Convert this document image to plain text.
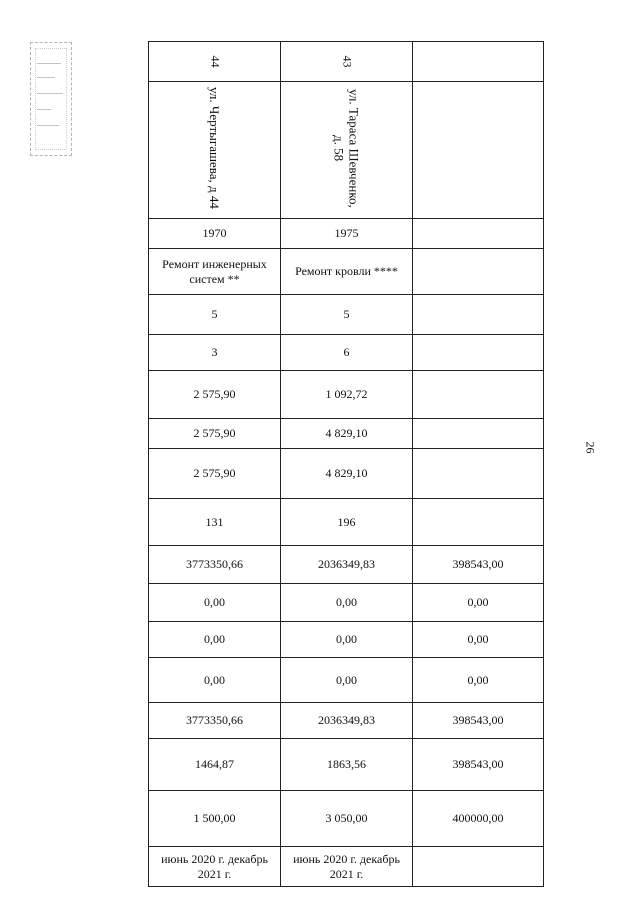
44	43	
ул. Чертыгашева, д 44	ул. Тараса Шевченко, д. 58	
1970	1975	
Ремонт инженерных систем **	Ремонт кровли ****	
5	5	
3	6	
2 575,90	1 092,72	
2 575,90	4 829,10	
2 575,90	4 829,10	
131	196	
3773350,66	2036349,83	398543,00
0,00	0,00	0,00
0,00	0,00	0,00
0,00	0,00	0,00
3773350,66	2036349,83	398543,00
1464,87	1863,56	398543,00
1 500,00	3 050,00	400000,00
июнь 2020 г. декабрь 2021 г.	июнь 2020 г. декабрь 2021 г.	
26
